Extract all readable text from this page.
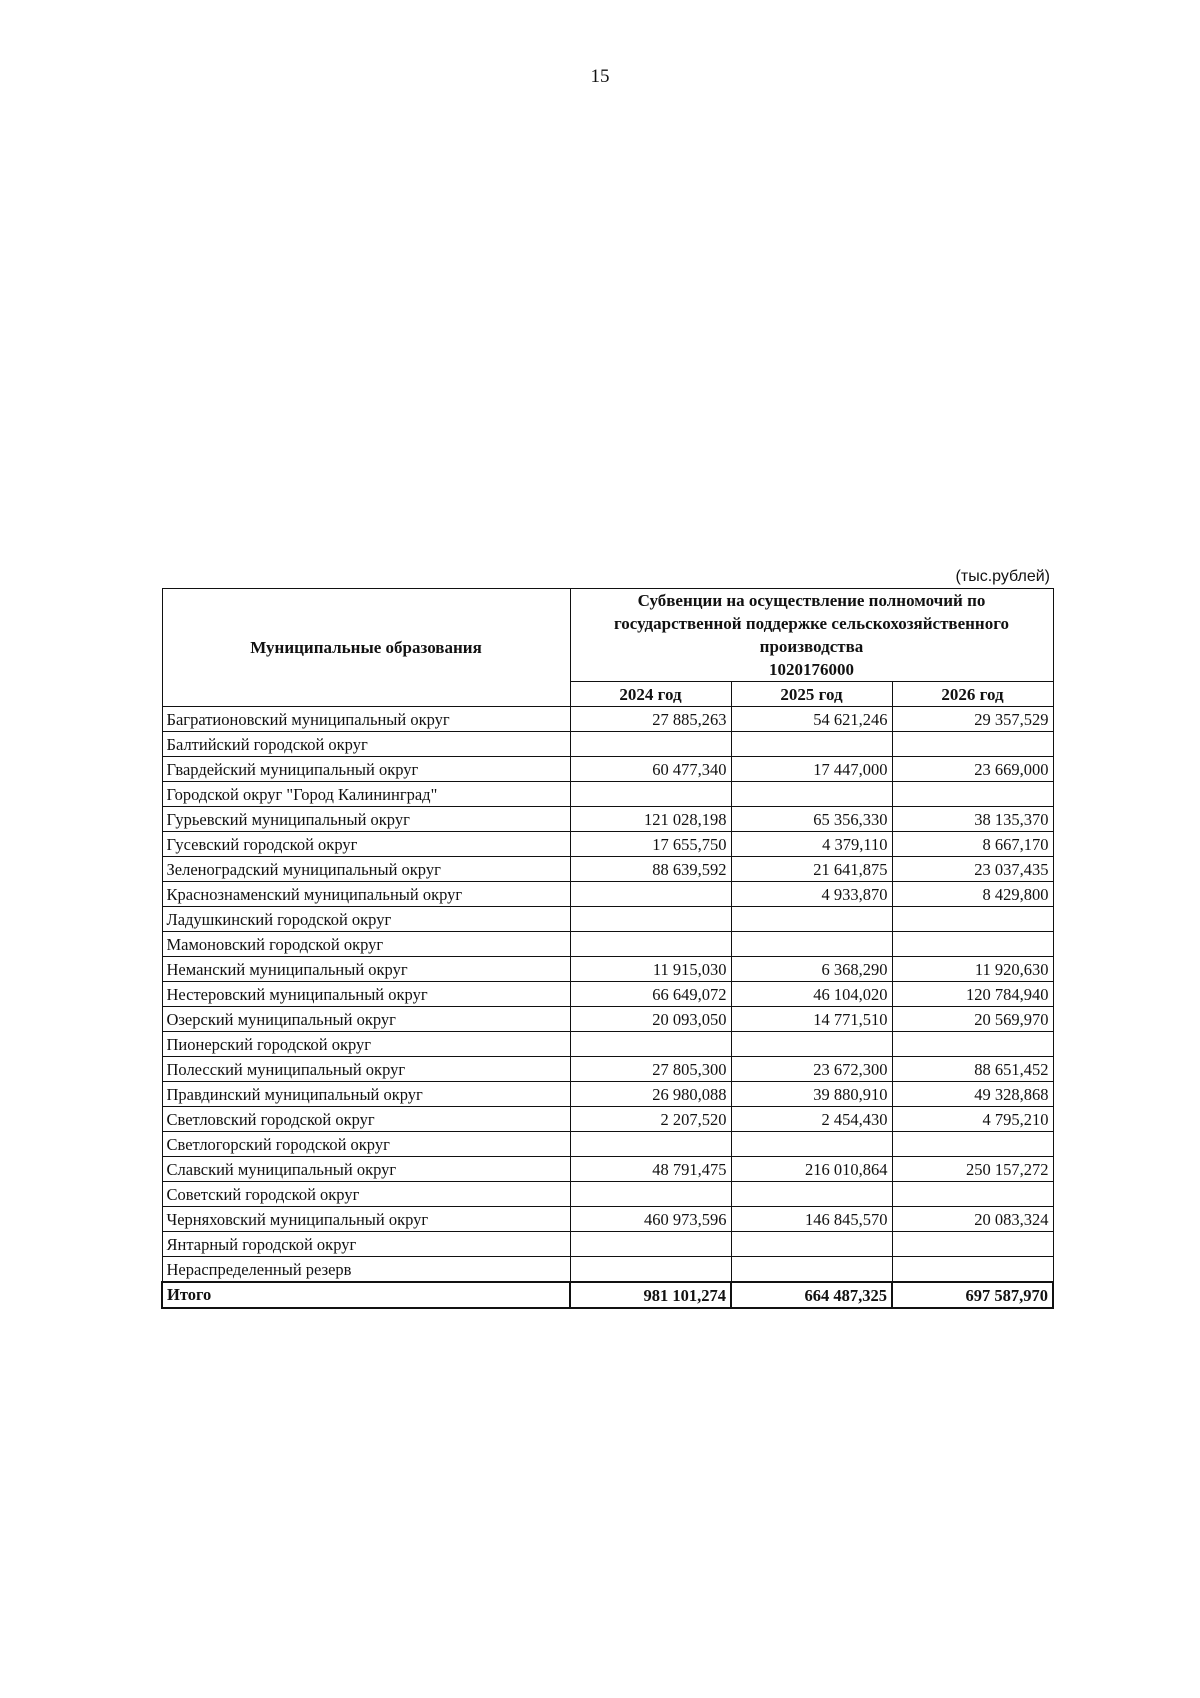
15
(тыс.рублей)
Муниципальные образования	Субвенции на осуществление полномочий по
государственной поддержке сельскохозяйственного
производства
1020176000		
	2024 год	2025 год	2026 год
Багратионовский муниципальный округ	27 885,263	54 621,246	29 357,529
Балтийский городской округ			
Гвардейский муниципальный округ	60 477,340	17 447,000	23 669,000
Городской округ "Город Калининград"			
Гурьевский муниципальный округ	121 028,198	65 356,330	38 135,370
Гусевский городской округ	17 655,750	4 379,110	8 667,170
Зеленоградский муниципальный округ	88 639,592	21 641,875	23 037,435
Краснознаменский муниципальный округ		4 933,870	8 429,800
Ладушкинский городской округ			
Мамоновский городской округ			
Неманский муниципальный округ	11 915,030	6 368,290	11 920,630
Нестеровский муниципальный округ	66 649,072	46 104,020	120 784,940
Озерский муниципальный округ	20 093,050	14 771,510	20 569,970
Пионерский городской округ			
Полесский муниципальный округ	27 805,300	23 672,300	88 651,452
Правдинский муниципальный округ	26 980,088	39 880,910	49 328,868
Светловский городской округ	2 207,520	2 454,430	4 795,210
Светлогорский городской округ			
Славский муниципальный округ	48 791,475	216 010,864	250 157,272
Советский городской округ			
Черняховский муниципальный округ	460 973,596	146 845,570	20 083,324
Янтарный городской округ			
Нераспределенный резерв			
Итого	981 101,274	664 487,325	697 587,970
